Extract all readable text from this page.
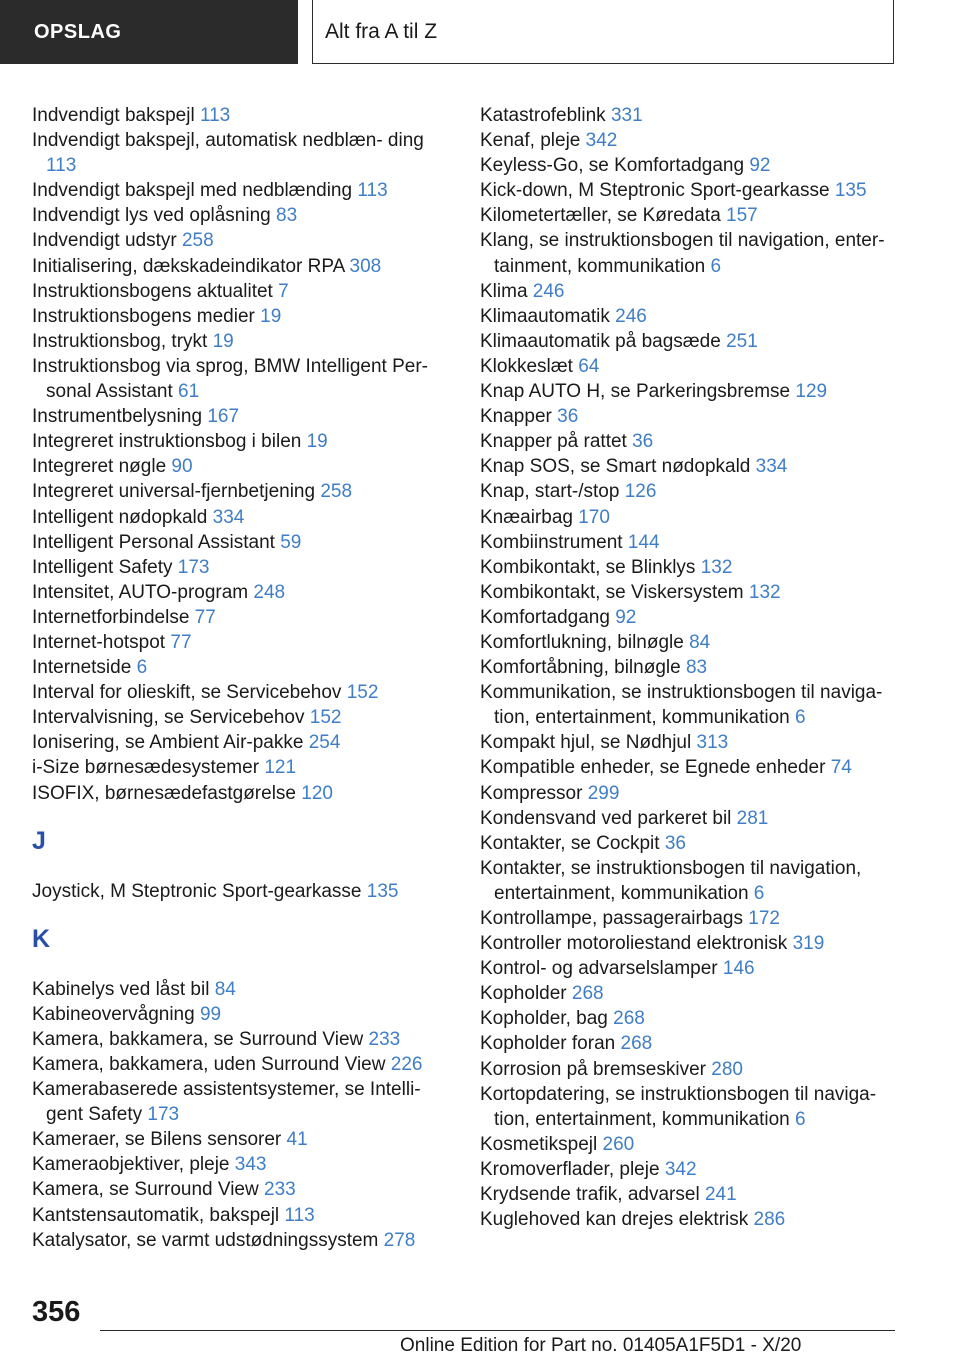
OPSLAG	Alt fra A til Z
Indvendigt bakspejl 113
Indvendigt bakspejl, automatisk nedblæn‐ ding 113
Indvendigt bakspejl med nedblænding 113
Indvendigt lys ved oplåsning 83
Indvendigt udstyr 258
Initialisering, dækskadeindikator RPA 308
Instruktionsbogens aktualitet 7
Instruktionsbogens medier 19
Instruktionsbog, trykt 19
Instruktionsbog via sprog, BMW Intelligent Per‐ sonal Assistant 61
Instrumentbelysning 167
Integreret instruktionsbog i bilen 19
Integreret nøgle 90
Integreret universal-fjernbetjening 258
Intelligent nødopkald 334
Intelligent Personal Assistant 59
Intelligent Safety 173
Intensitet, AUTO-program 248
Internetforbindelse 77
Internet-hotspot 77
Internetside 6
Interval for olieskift, se Servicebehov 152
Intervalvisning, se Servicebehov 152
Ionisering, se Ambient Air-pakke 254
i-Size børnesædesystemer 121
ISOFIX, børnesædefastgørelse 120
J
Joystick, M Steptronic Sport-gearkasse 135
K
Kabinelys ved låst bil 84
Kabineovervågning 99
Kamera, bakkamera, se Surround View 233
Kamera, bakkamera, uden Surround View 226
Kamerabaserede assistentsystemer, se Intelli‐ gent Safety 173
Kameraer, se Bilens sensorer 41
Kameraobjektiver, pleje 343
Kamera, se Surround View 233
Kantstensautomatik, bakspejl 113
Katalysator, se varmt udstødningssystem 278
Katastrofeblink 331
Kenaf, pleje 342
Keyless-Go, se Komfortadgang 92
Kick-down, M Steptronic Sport-gearkasse 135
Kilometertæller, se Køredata 157
Klang, se instruktionsbogen til navigation, enter‐ tainment, kommunikation 6
Klima 246
Klimaautomatik 246
Klimaautomatik på bagsæde 251
Klokkeslæt 64
Knap AUTO H, se Parkeringsbremse 129
Knapper 36
Knapper på rattet 36
Knap SOS, se Smart nødopkald 334
Knap, start-/stop 126
Knæairbag 170
Kombiinstrument 144
Kombikontakt, se Blinklys 132
Kombikontakt, se Viskersystem 132
Komfortadgang 92
Komfortlukning, bilnøgle 84
Komfortåbning, bilnøgle 83
Kommunikation, se instruktionsbogen til naviga‐ tion, entertainment, kommunikation 6
Kompakt hjul, se Nødhjul 313
Kompatible enheder, se Egnede enheder 74
Kompressor 299
Kondensvand ved parkeret bil 281
Kontakter, se Cockpit 36
Kontakter, se instruktionsbogen til navigation, entertainment, kommunikation 6
Kontrollampe, passagerairbags 172
Kontroller motoroliestand elektronisk 319
Kontrol- og advarselslamper 146
Kopholder 268
Kopholder, bag 268
Kopholder foran 268
Korrosion på bremseskiver 280
Kortopdatering, se instruktionsbogen til naviga‐ tion, entertainment, kommunikation 6
Kosmetikspejl 260
Kromoverflader, pleje 342
Krydsende trafik, advarsel 241
Kuglehoved kan drejes elektrisk 286
356
Online Edition for Part no. 01405A1F5D1 - X/20
